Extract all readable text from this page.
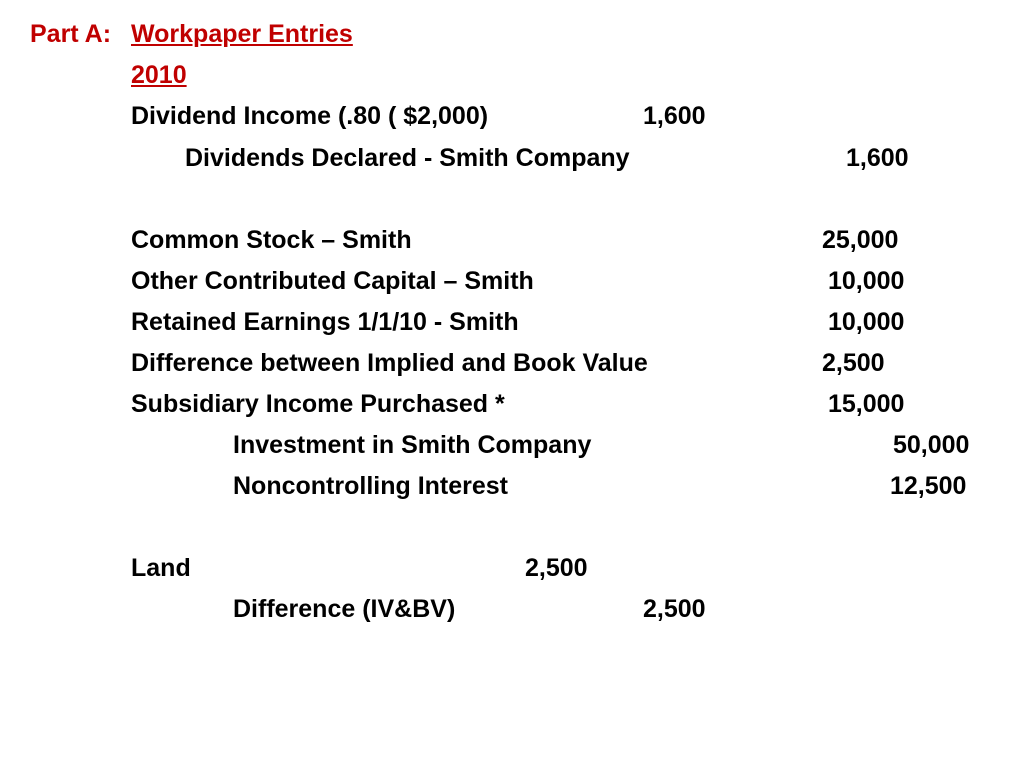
Part A: Workpaper Entries
2010
Dividend Income (.80 ( $2,000)	1,600
Dividends Declared - Smith Company	1,600
Common Stock – Smith	25,000
Other Contributed Capital – Smith	10,000
Retained Earnings 1/1/10 - Smith	10,000
Difference between Implied and Book Value	2,500
Subsidiary Income Purchased *	15,000
Investment in Smith Company	50,000
Noncontrolling Interest	12,500
Land	2,500
Difference (IV&BV)	2,500
